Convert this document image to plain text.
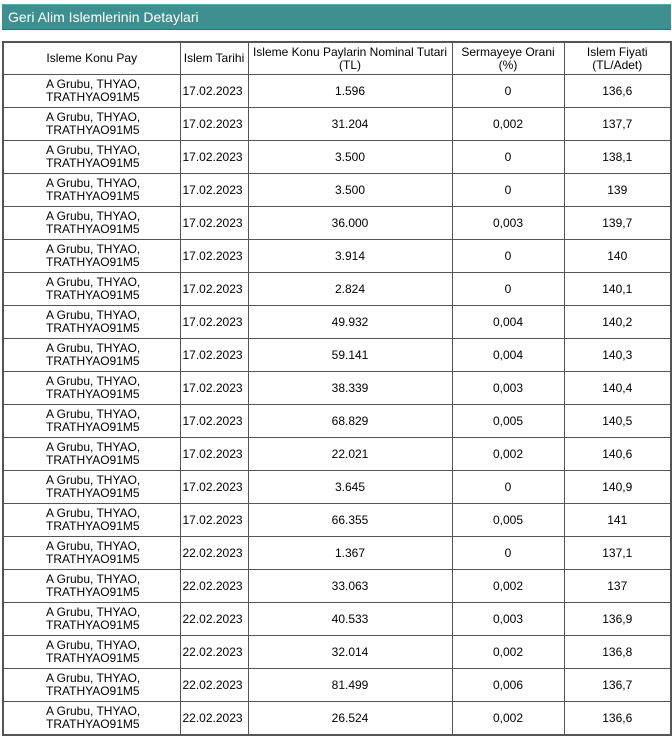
Geri Alim Islemlerinin Detaylari
Isleme Konu Pay	Islem Tarihi	Isleme Konu Paylarin Nominal Tutari (TL)	Sermayeye Orani (%)	Islem Fiyati (TL/Adet)
A Grubu, THYAO, TRATHYAO91M5	17.02.2023	1.596	0	136,6
A Grubu, THYAO, TRATHYAO91M5	17.02.2023	31.204	0,002	137,7
A Grubu, THYAO, TRATHYAO91M5	17.02.2023	3.500	0	138,1
A Grubu, THYAO, TRATHYAO91M5	17.02.2023	3.500	0	139
A Grubu, THYAO, TRATHYAO91M5	17.02.2023	36.000	0,003	139,7
A Grubu, THYAO, TRATHYAO91M5	17.02.2023	3.914	0	140
A Grubu, THYAO, TRATHYAO91M5	17.02.2023	2.824	0	140,1
A Grubu, THYAO, TRATHYAO91M5	17.02.2023	49.932	0,004	140,2
A Grubu, THYAO, TRATHYAO91M5	17.02.2023	59.141	0,004	140,3
A Grubu, THYAO, TRATHYAO91M5	17.02.2023	38.339	0,003	140,4
A Grubu, THYAO, TRATHYAO91M5	17.02.2023	68.829	0,005	140,5
A Grubu, THYAO, TRATHYAO91M5	17.02.2023	22.021	0,002	140,6
A Grubu, THYAO, TRATHYAO91M5	17.02.2023	3.645	0	140,9
A Grubu, THYAO, TRATHYAO91M5	17.02.2023	66.355	0,005	141
A Grubu, THYAO, TRATHYAO91M5	22.02.2023	1.367	0	137,1
A Grubu, THYAO, TRATHYAO91M5	22.02.2023	33.063	0,002	137
A Grubu, THYAO, TRATHYAO91M5	22.02.2023	40.533	0,003	136,9
A Grubu, THYAO, TRATHYAO91M5	22.02.2023	32.014	0,002	136,8
A Grubu, THYAO, TRATHYAO91M5	22.02.2023	81.499	0,006	136,7
A Grubu, THYAO, TRATHYAO91M5	22.02.2023	26.524	0,002	136,6
